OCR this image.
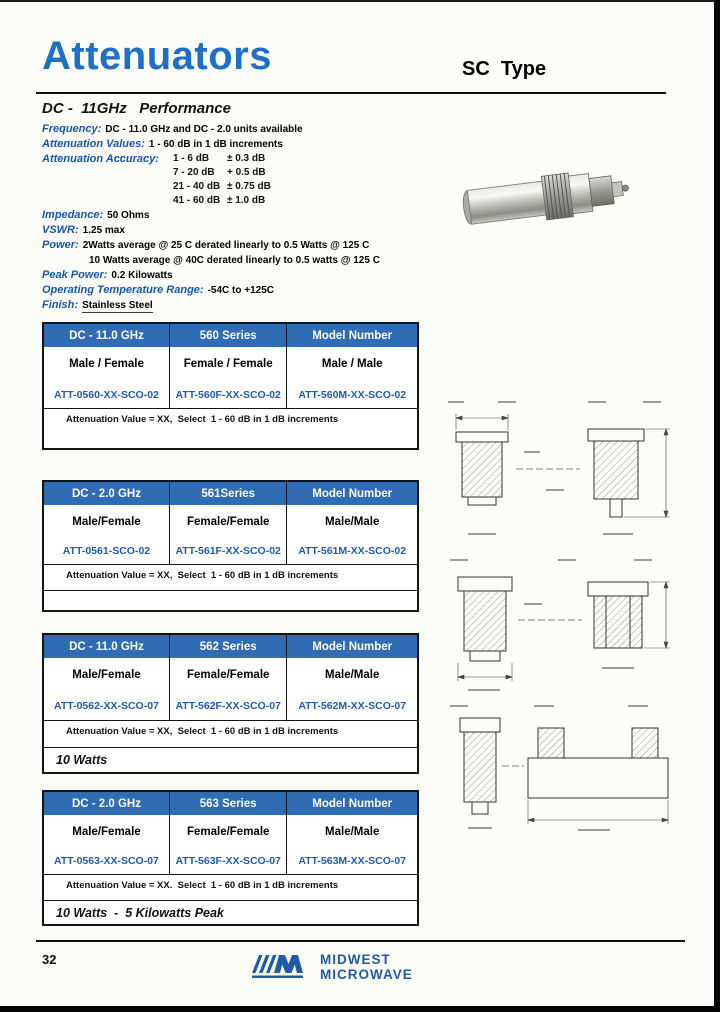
Attenuators	SC  Type
DC -  11GHz   Performance
Frequency: DC - 11.0 GHz and DC - 2.0 units available
Attenuation Values: 1 - 60 dB in 1 dB increments
Attenuation Accuracy: 1 - 6 dB	± 0.3 dB
7 - 20 dB	+ 0.5 dB
21 - 40 dB ± 0.75 dB
41 - 60 dB ± 1.0 dB
Impedance: 50 Ohms
VSWR: 1.25 max
Power: 2Watts average @ 25 C derated linearly to 0.5 Watts @ 125 C
10 Watts average @ 40C derated linearly to 0.5 watts @ 125 C
Peak Power: 0.2 Kilowatts
Operating Temperature Range: -54C to +125C
Finish: Stainless Steel
DC - 11.0 GHz	560 Series	Model Number
Male / Female	Female / Female	Male / Male
ATT-0560-XX-SCO-02	ATT-560F-XX-SCO-02	ATT-560M-XX-SCO-02
Attenuation Value = XX,  Select  1 - 60 dB in 1 dB increments
DC - 2.0 GHz	561Series	Model Number
Male/Female	Female/Female	Male/Male
ATT-0561-SCO-02	ATT-561F-XX-SCO-02	ATT-561M-XX-SCO-02
Attenuation Value = XX,  Select  1 - 60 dB in 1 dB increments
DC - 11.0 GHz	562 Series	Model Number
Male/Female	Female/Female	Male/Male
ATT-0562-XX-SCO-07	ATT-562F-XX-SCO-07	ATT-562M-XX-SCO-07
Attenuation Value = XX,  Select  1 - 60 dB in 1 dB increments
10 Watts
DC - 2.0 GHz	563 Series	Model Number
Male/Female	Female/Female	Male/Male
ATT-0563-XX-SCO-07	ATT-563F-XX-SCO-07	ATT-563M-XX-SCO-07
Attenuation Value = XX.  Select  1 - 60 dB in 1 dB increments
10 Watts  -  5 Kilowatts Peak
32	MIDWEST
MICROWAVE
